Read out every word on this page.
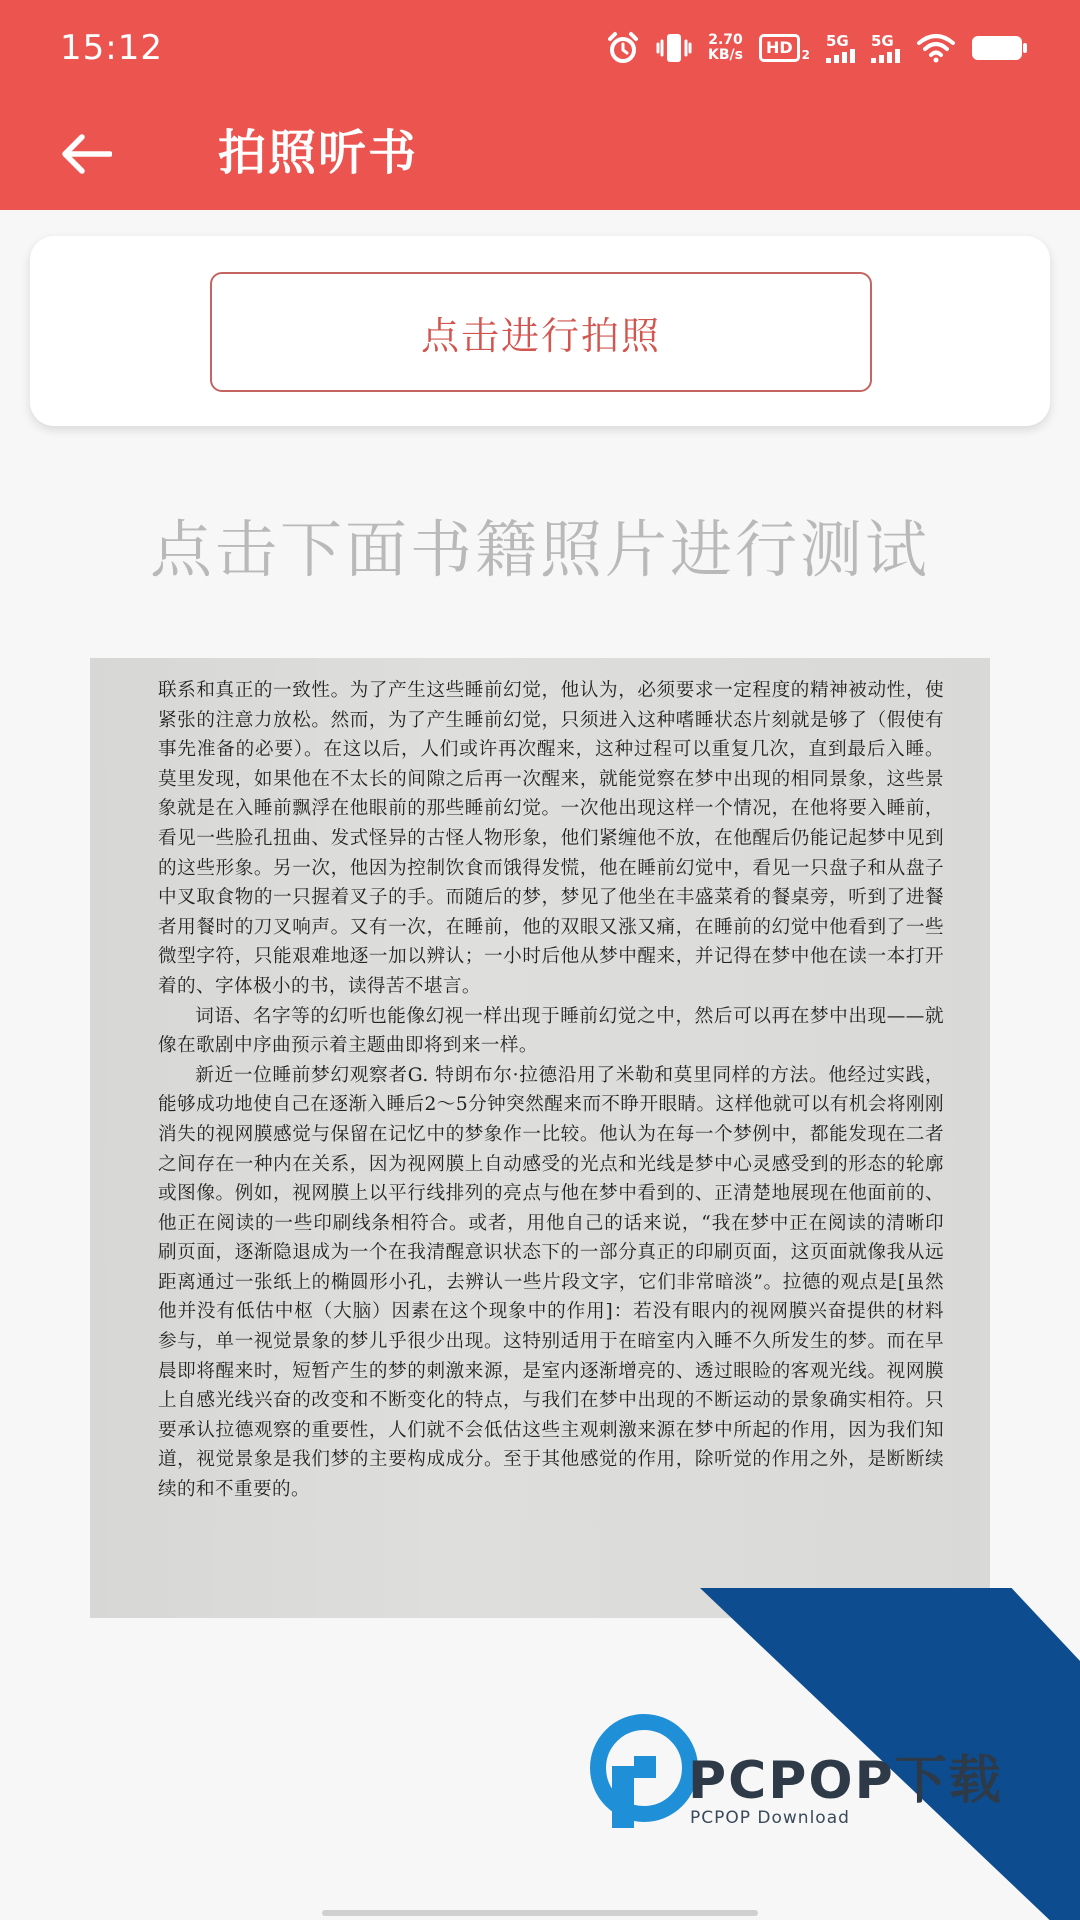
15:12	2.70
KB/s	HD 2
5G 5G
拍照听书
点击进行拍照
点击下面书籍照片进行测试

联系和真正的一致性。为了产生这些睡前幻觉，他认为，必须要求一定程度的精神被动性，使紧张的注意力放松。然而，为了产生睡前幻觉，只须进入这种嗜睡状态片刻就是够了（假使有事先准备的必要）。在这以后，人们或许再次醒来，这种过程可以重复几次，直到最后入睡。莫里发现，如果他在不太长的间隙之后再一次醒来，就能觉察在梦中出现的相同景象，这些景象就是在入睡前飘浮在他眼前的那些睡前幻觉。一次他出现这样一个情况，在他将要入睡前，看见一些脸孔扭曲、发式怪异的古怪人物形象，他们紧缠他不放，在他醒后仍能记起梦中见到的这些形象。另一次，他因为控制饮食而饿得发慌，他在睡前幻觉中，看见一只盘子和从盘子中叉取食物的一只握着叉子的手。而随后的梦，梦见了他坐在丰盛菜肴的餐桌旁，听到了进餐者用餐时的刀叉响声。又有一次，在睡前，他的双眼又涨又痛，在睡前的幻觉中他看到了一些微型字符，只能艰难地逐一加以辨认；一小时后他从梦中醒来，并记得在梦中他在读一本打开着的、字体极小的书，读得苦不堪言。

词语、名字等的幻听也能像幻视一样出现于睡前幻觉之中，然后可以再在梦中出现——就像在歌剧中序曲预示着主题曲即将到来一样。

新近一位睡前梦幻观察者G. 特朗布尔·拉德沿用了米勒和莫里同样的方法。他经过实践，能够成功地使自己在逐渐入睡后2～5分钟突然醒来而不睁开眼睛。这样他就可以有机会将刚刚消失的视网膜感觉与保留在记忆中的梦象作一比较。他认为在每一个梦例中，都能发现在二者之间存在一种内在关系，因为视网膜上自动感受的光点和光线是梦中心灵感受到的形态的轮廓或图像。例如，视网膜上以平行线排列的亮点与他在梦中看到的、正清楚地展现在他面前的、他正在阅读的一些印刷线条相符合。或者，用他自己的话来说，“我在梦中正在阅读的清晰印刷页面，逐渐隐退成为一个在我清醒意识状态下的一部分真正的印刷页面，这页面就像我从远距离通过一张纸上的椭圆形小孔，去辨认一些片段文字，它们非常暗淡”。拉德的观点是[虽然他并没有低估中枢（大脑）因素在这个现象中的作用]：若没有眼内的视网膜兴奋提供的材料参与，单一视觉景象的梦儿乎很少出现。这特别适用于在暗室内入睡不久所发生的梦。而在早晨即将醒来时，短暂产生的梦的刺激来源，是室内逐渐增亮的、透过眼睑的客观光线。视网膜上自感光线兴奋的改变和不断变化的特点，与我们在梦中出现的不断运动的景象确实相符。只要承认拉德观察的重要性，人们就不会低估这些主观刺激来源在梦中所起的作用，因为我们知道，视觉景象是我们梦的主要构成成分。至于其他感觉的作用，除听觉的作用之外，是断断续续的和不重要的。

PCPOP下载
PCPOP Download
